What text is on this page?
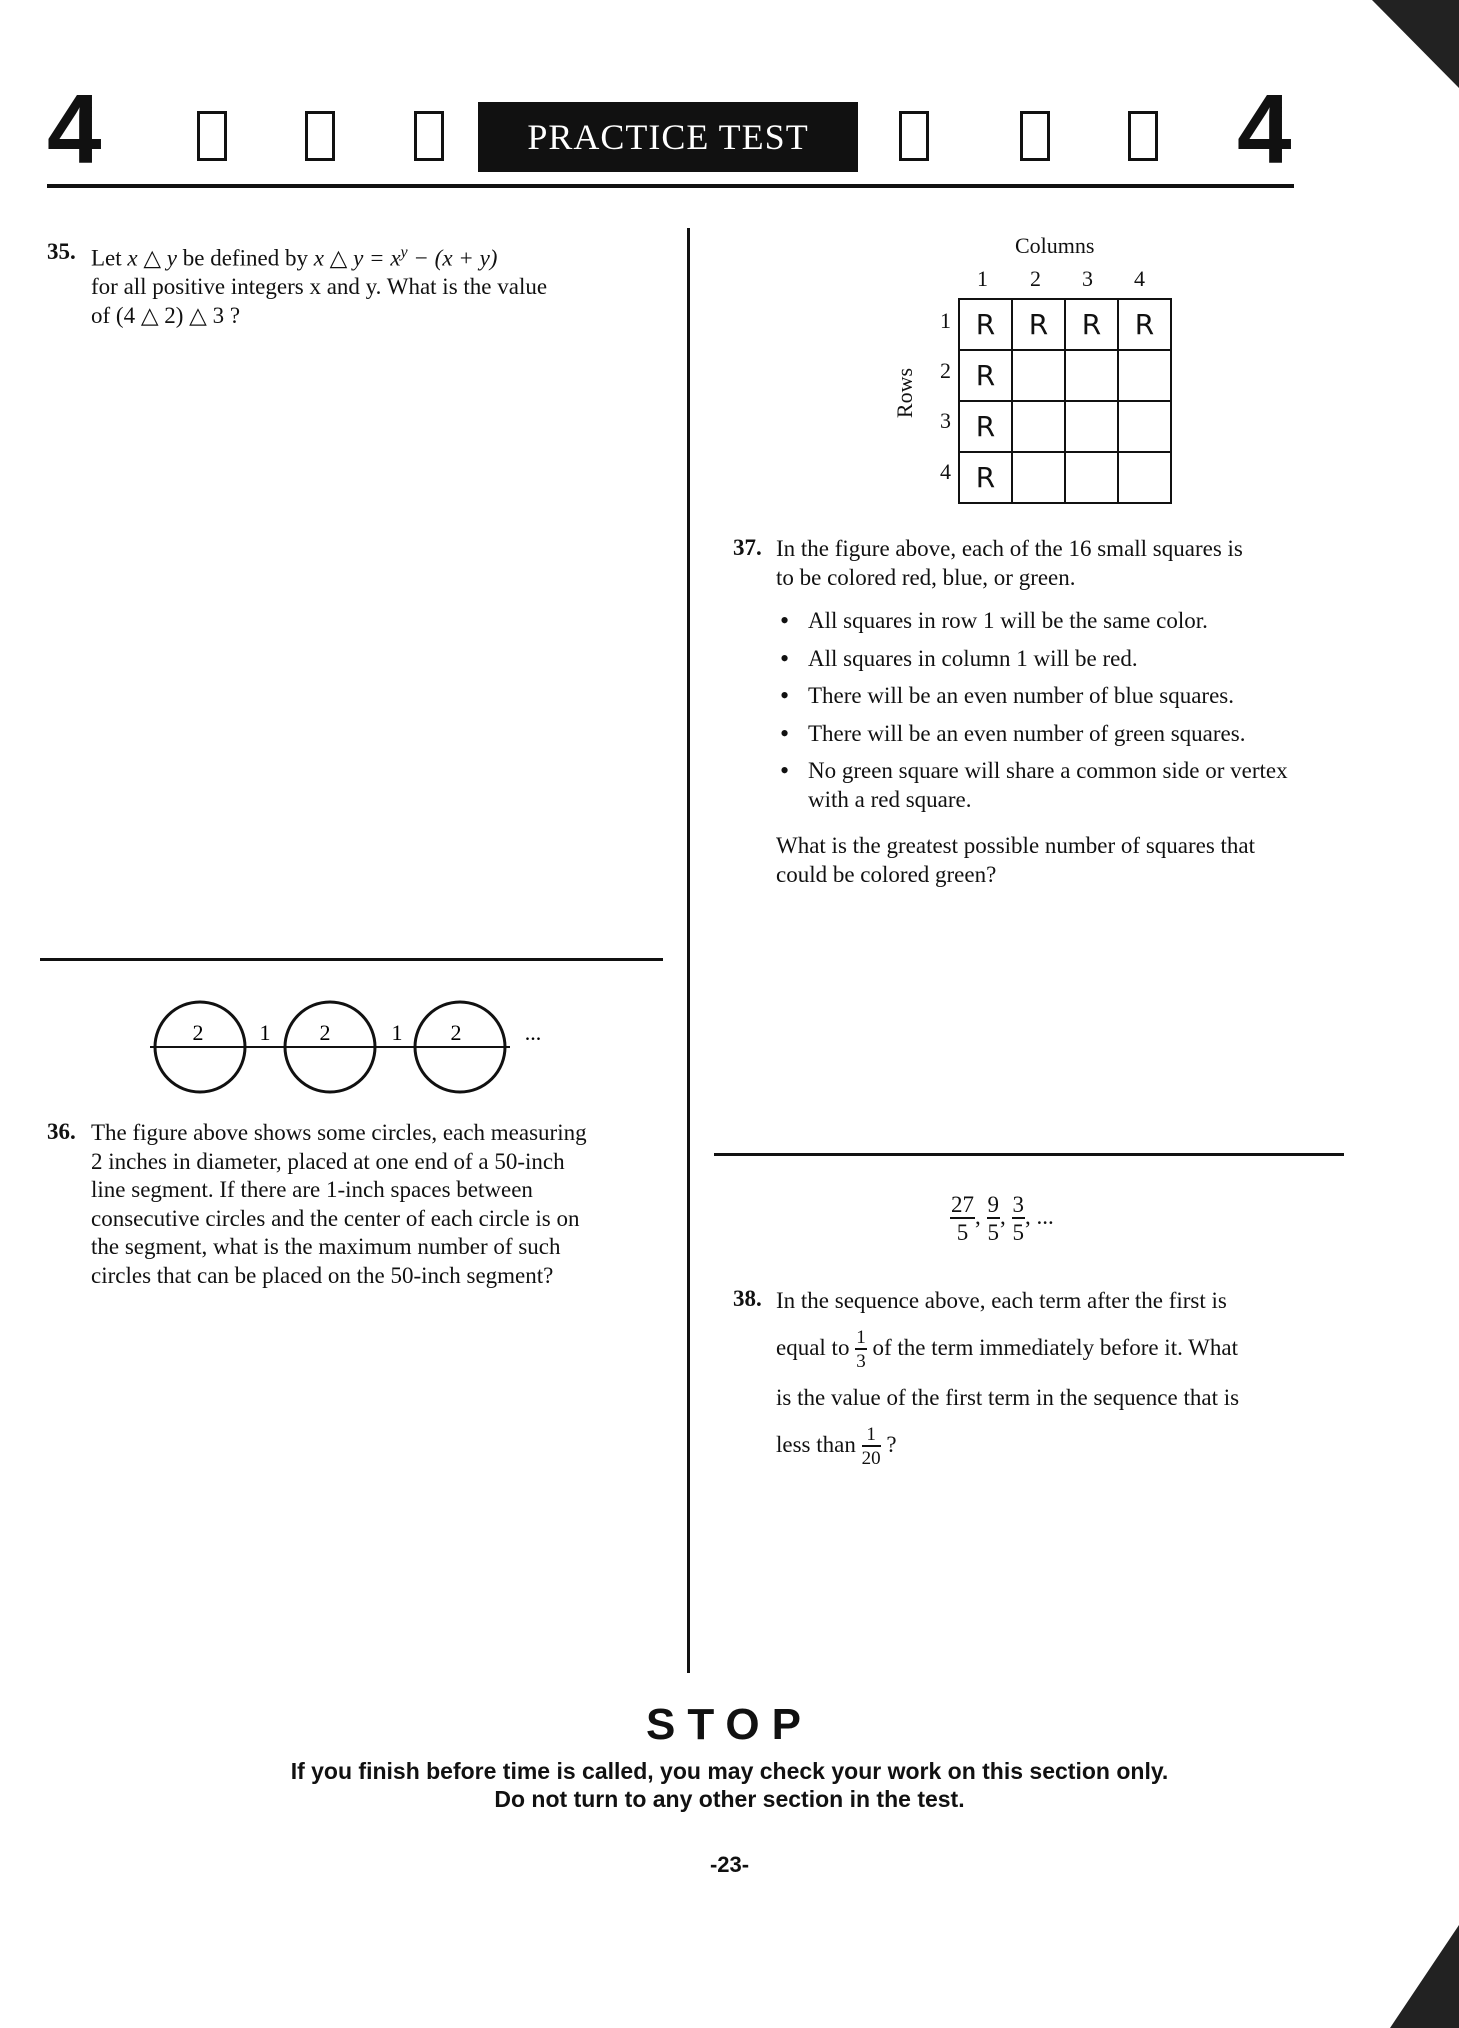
4	PRACTICE TEST	4
35. Let x △ y be defined by x △ $y = x^y - (x + y)$
for all positive integers x and y. What is the value
of (4 △ 2) △ 3 ?
2	1 2	1 2	...
36. The figure above shows some circles, each measuring
2 inches in diameter, placed at one end of a 50-inch
line segment. If there are 1-inch spaces between
consecutive circles and the center of each circle is on
the segment, what is the maximum number of such
circles that can be placed on the 50-inch segment?
Columns
1 2 3 4
Rows
1
2
3
4
R	R	R	R
R			
R			
R			
37. In the figure above, each of the 16 small squares is
to be colored red, blue, or green.
• All squares in row 1 will be the same color.
• All squares in column 1 will be red.
• There will be an even number of blue squares.
• There will be an even number of green squares.
• No green square will share a common side or vertex with a red square.
What is the greatest possible number of squares that
could be colored green?
$\frac{27}{5}$ , $\frac{9}{5}$ , $\frac{3}{5}$ , ...
38. In the sequence above, each term after the first is
equal to $\frac{1}{3}$ of the term immediately before it. What
is the value of the first term in the sequence that is
less than $\frac{1}{20}$ ?
STOP
If you finish before time is called, you may check your work on this section only.
Do not turn to any other section in the test.
-23-
